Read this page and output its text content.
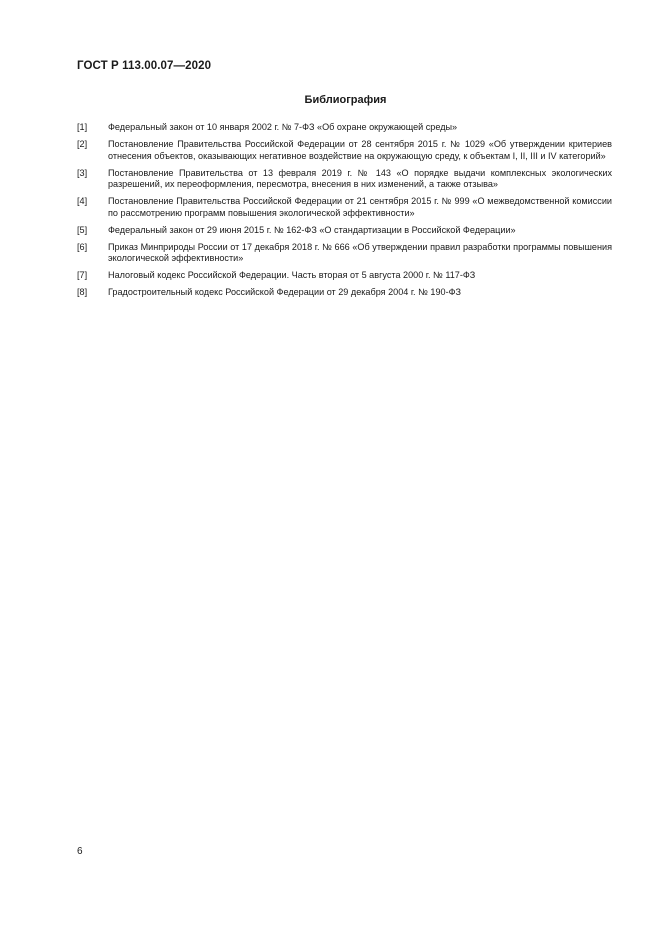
ГОСТ Р 113.00.07—2020
Библиография
[1]	Федеральный закон от 10 января 2002 г. № 7-ФЗ «Об охране окружающей среды»
[2]	Постановление Правительства Российской Федерации от 28 сентября 2015 г. № 1029 «Об утверждении критериев отнесения объектов, оказывающих негативное воздействие на окружающую среду, к объектам I, II, III и IV категорий»
[3]	Постановление Правительства от 13 февраля 2019 г. № 143 «О порядке выдачи комплексных экологических разрешений, их переоформления, пересмотра, внесения в них изменений, а также отзыва»
[4]	Постановление Правительства Российской Федерации от 21 сентября 2015 г. № 999 «О межведомственной комиссии по рассмотрению программ повышения экологической эффективности»
[5]	Федеральный закон от 29 июня 2015 г. № 162-ФЗ «О стандартизации в Российской Федерации»
[6]	Приказ Минприроды России от 17 декабря 2018 г. № 666 «Об утверждении правил разработки программы повышения экологической эффективности»
[7]	Налоговый кодекс Российской Федерации. Часть вторая от 5 августа 2000 г. № 117-ФЗ
[8]	Градостроительный кодекс Российской Федерации от 29 декабря 2004 г. № 190-ФЗ
6
